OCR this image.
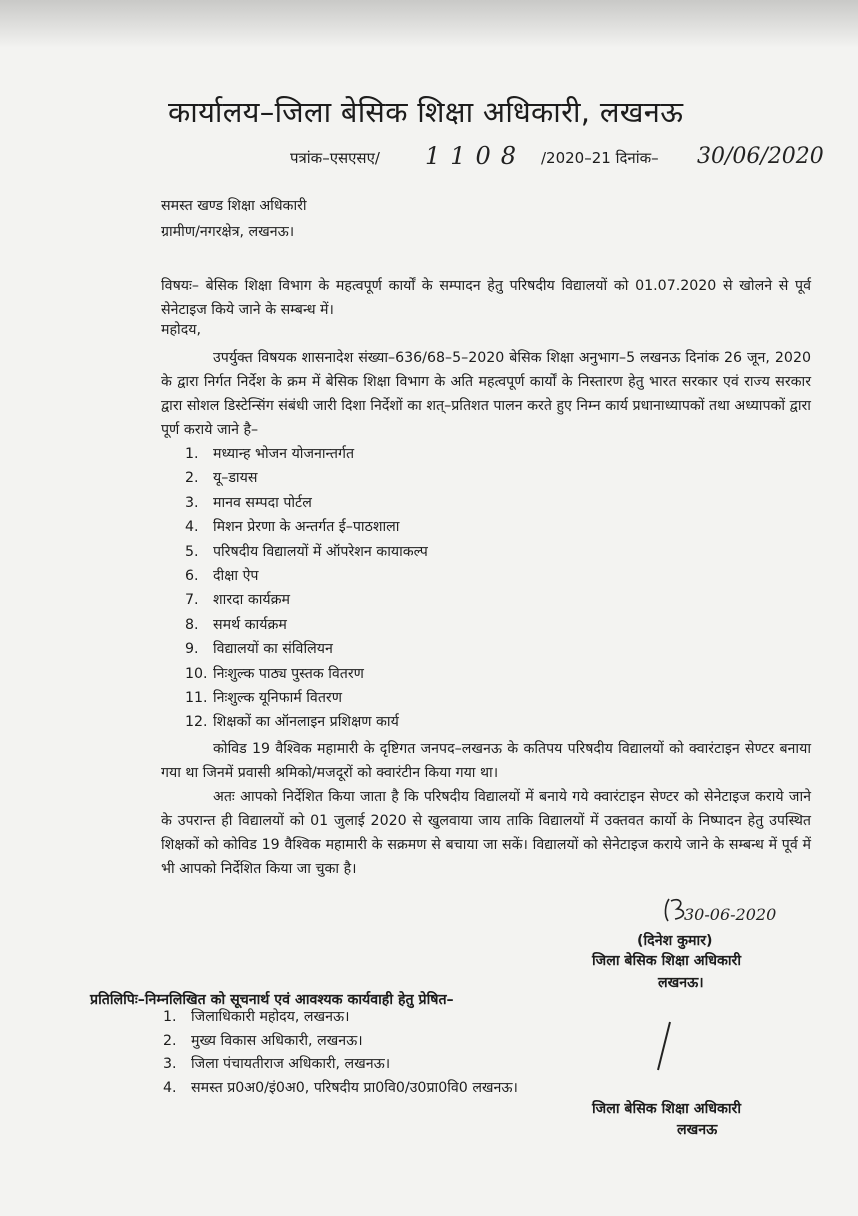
कार्यालय–जिला बेसिक शिक्षा अधिकारी, लखनऊ
पत्रांक–एसएसए/ 1108 /2020–21 दिनांक– 30/06/2020
समस्त खण्ड शिक्षा अधिकारी
ग्रामीण/नगरक्षेत्र, लखनऊ।
विषयः– बेसिक शिक्षा विभाग के महत्वपूर्ण कार्यों के सम्पादन हेतु परिषदीय विद्यालयों को 01.07.2020 से खोलने से पूर्व सेनेटाइज किये जाने के सम्बन्ध में।
महोदय,
उपर्युक्त विषयक शासनादेश संख्या–636/68–5–2020 बेसिक शिक्षा अनुभाग–5 लखनऊ दिनांक 26 जून, 2020 के द्वारा निर्गत निर्देश के क्रम में बेसिक शिक्षा विभाग के अति महत्वपूर्ण कार्यों के निस्तारण हेतु भारत सरकार एवं राज्य सरकार द्वारा सोशल डिस्टेन्सिंग संबंधी जारी दिशा निर्देशों का शत्–प्रतिशत पालन करते हुए निम्न कार्य प्रधानाध्यापकों तथा अध्यापकों द्वारा पूर्ण कराये जाने है–
1. मध्यान्ह भोजन योजनान्तर्गत
2. यू–डायस
3. मानव सम्पदा पोर्टल
4. मिशन प्रेरणा के अन्तर्गत ई–पाठशाला
5. परिषदीय विद्यालयों में ऑपरेशन कायाकल्प
6. दीक्षा ऐप
7. शारदा कार्यक्रम
8. समर्थ कार्यक्रम
9. विद्यालयों का संविलियन
10. निःशुल्क पाठ्य पुस्तक वितरण
11. निःशुल्क यूनिफार्म वितरण
12. शिक्षकों का ऑनलाइन प्रशिक्षण कार्य
कोविड 19 वैश्विक महामारी के दृष्टिगत जनपद–लखनऊ के कतिपय परिषदीय विद्यालयों को क्वारंटाइन सेण्टर बनाया गया था जिनमें प्रवासी श्रमिको/मजदूरों को क्वारंटीन किया गया था।
अतः आपको निर्देशित किया जाता है कि परिषदीय विद्यालयों में बनाये गये क्वारंटाइन सेण्टर को सेनेटाइज कराये जाने के उपरान्त ही विद्यालयों को 01 जुलाई 2020 से खुलवाया जाय ताकि विद्यालयों में उक्तवत कार्यो के निष्पादन हेतु उपस्थित शिक्षकों को कोविड 19 वैश्विक महामारी के सक्रमण से बचाया जा सकें। विद्यालयों को सेनेटाइज कराये जाने के सम्बन्ध में पूर्व में भी आपको निर्देशित किया जा चुका है।
30-06-2020
(दिनेश कुमार)
जिला बेसिक शिक्षा अधिकारी
लखनऊ।
प्रतिलिपिः–निम्नलिखित को सूचनार्थ एवं आवश्यक कार्यवाही हेतु प्रेषित–
1. जिलाधिकारी महोदय, लखनऊ।
2. मुख्य विकास अधिकारी, लखनऊ।
3. जिला पंचायतीराज अधिकारी, लखनऊ।
4. समस्त प्र0अ0/इं0अ0, परिषदीय प्रा0वि0/उ0प्रा0वि0 लखनऊ।
जिला बेसिक शिक्षा अधिकारी
लखनऊ
